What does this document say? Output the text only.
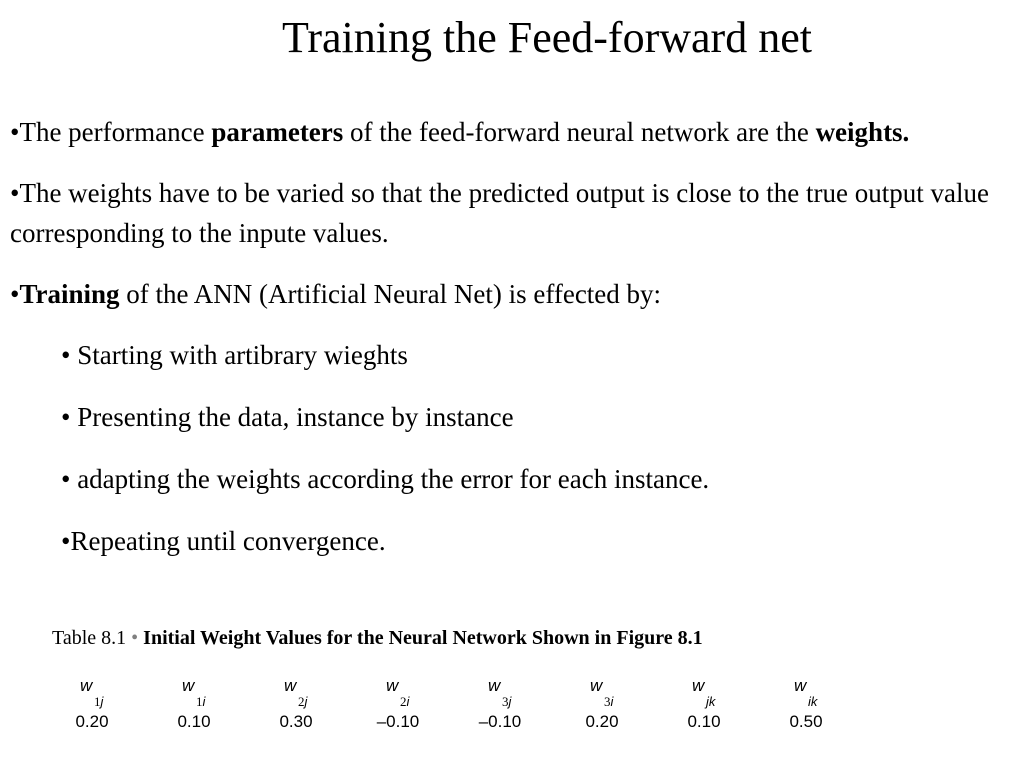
Training the Feed-forward net

•The performance parameters of the feed-forward neural network are the weights.

•The weights have to be varied so that the predicted output is close to the true output value corresponding to the inpute values.

•Training of the ANN (Artificial Neural Net) is effected by:

• Starting with artibrary wieghts
• Presenting the data, instance by instance
• adapting the weights according the error for each instance.
•Repeating until convergence.
Table 8.1 • Initial Weight Values for the Neural Network Shown in Figure 8.1
w
1j
0.20
w
1i
0.10
w
2j
0.30
w
2i
–0.10
w
3j
–0.10
w
3i
0.20
w
jk
0.10
w
ik
0.50
